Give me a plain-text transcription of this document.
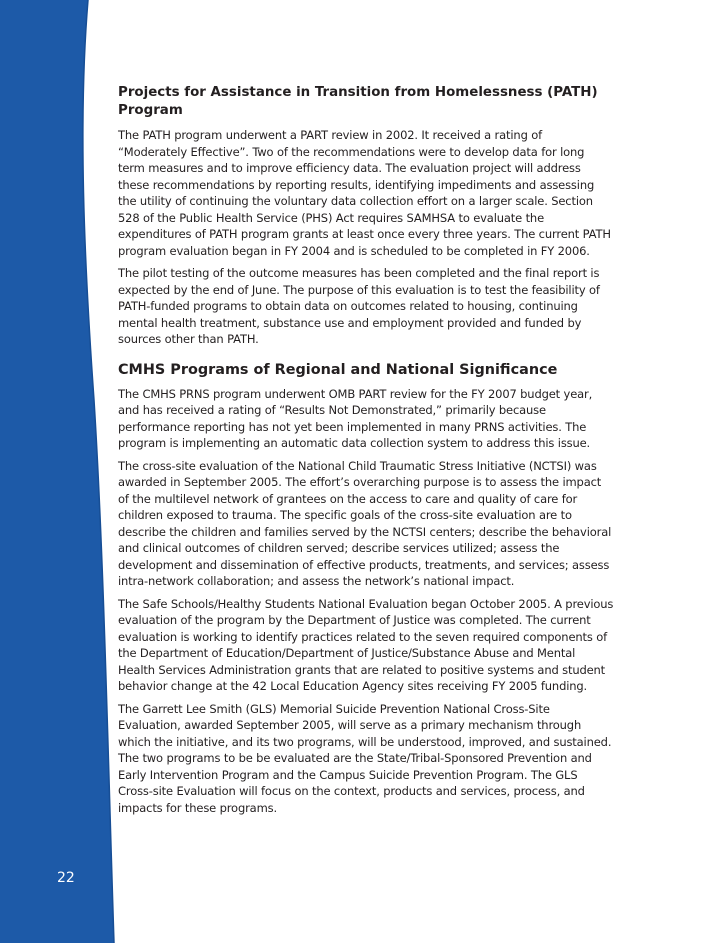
Projects for Assistance in Transition from Homelessness (PATH) Program

The PATH program underwent a PART review in 2002. It received a rating of “Moderately Effective”. Two of the recommendations were to develop data for long term measures and to improve efficiency data. The evaluation project will address these recommendations by reporting results, identifying impediments and assessing the utility of continuing the voluntary data collection effort on a larger scale. Section 528 of the Public Health Service (PHS) Act requires SAMHSA to evaluate the expenditures of PATH program grants at least once every three years. The current PATH program evaluation began in FY 2004 and is scheduled to be completed in FY 2006.

The pilot testing of the outcome measures has been completed and the final report is expected by the end of June. The purpose of this evaluation is to test the feasibility of PATH-funded programs to obtain data on outcomes related to housing, continuing mental health treatment, substance use and employment provided and funded by sources other than PATH.

CMHS Programs of Regional and National Significance

The CMHS PRNS program underwent OMB PART review for the FY 2007 budget year, and has received a rating of “Results Not Demonstrated,” primarily because performance reporting has not yet been implemented in many PRNS activities. The program is implementing an automatic data collection system to address this issue.

The cross-site evaluation of the National Child Traumatic Stress Initiative (NCTSI) was awarded in September 2005. The effort’s overarching purpose is to assess the impact of the multilevel network of grantees on the access to care and quality of care for children exposed to trauma. The specific goals of the cross-site evaluation are to describe the children and families served by the NCTSI centers; describe the behavioral and clinical outcomes of children served; describe services utilized; assess the development and dissemination of effective products, treatments, and services; assess intra-network collaboration; and assess the network’s national impact.

The Safe Schools/Healthy Students National Evaluation began October 2005. A previous evaluation of the program by the Department of Justice was completed. The current evaluation is working to identify practices related to the seven required components of the Department of Education/Department of Justice/Substance Abuse and Mental Health Services Administration grants that are related to positive systems and student behavior change at the 42 Local Education Agency sites receiving FY 2005 funding.

The Garrett Lee Smith (GLS) Memorial Suicide Prevention National Cross-Site Evaluation, awarded September 2005, will serve as a primary mechanism through which the initiative, and its two programs, will be understood, improved, and sustained. The two programs to be be evaluated are the State/Tribal-Sponsored Prevention and Early Intervention Program and the Campus Suicide Prevention Program. The GLS Cross-site Evaluation will focus on the context, products and services, process, and impacts for these programs.

22
